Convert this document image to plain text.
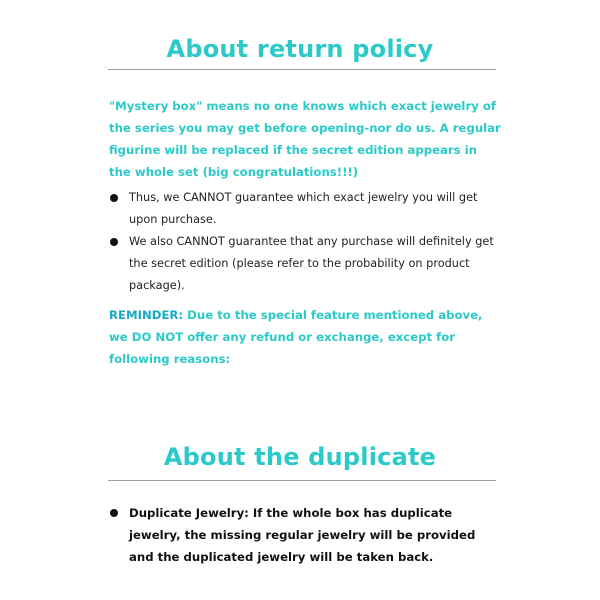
About return policy

"Mystery box" means no one knows which exact jewelry of the series you may get before opening-nor do us. A regular figurine will be replaced if the secret edition appears in the whole set (big congratulations!!!)

Thus, we CANNOT guarantee which exact jewelry you will get upon purchase.
We also CANNOT guarantee that any purchase will definitely get the secret edition (please refer to the probability on product package).

REMINDER: Due to the special feature mentioned above, we DO NOT offer any refund or exchange, except for following reasons:

About the duplicate
Duplicate Jewelry: If the whole box has duplicate jewelry, the missing regular jewelry will be provided and the duplicated jewelry will be taken back.
